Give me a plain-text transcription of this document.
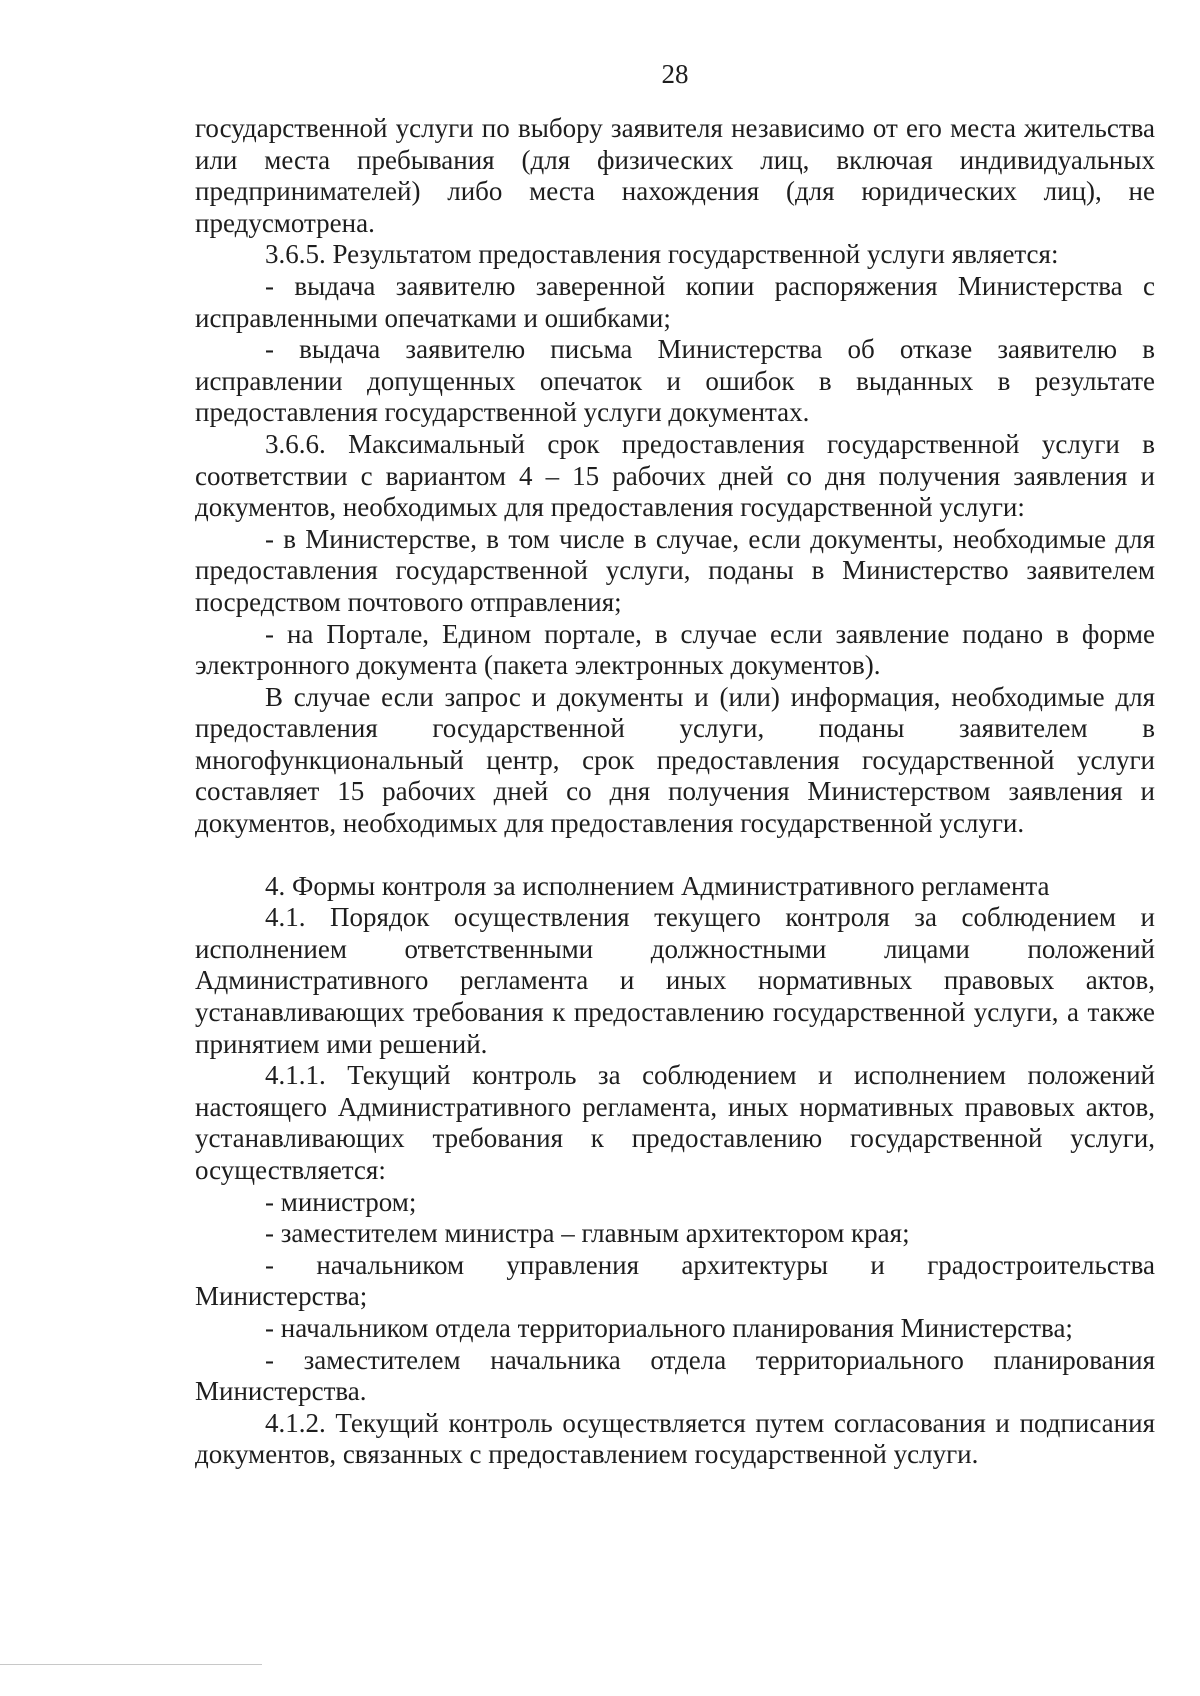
28

государственной услуги по выбору заявителя независимо от его места жительства или места пребывания (для физических лиц, включая индивидуальных предпринимателей) либо места нахождения (для юридических лиц), не предусмотрена.

3.6.5. Результатом предоставления государственной услуги является:

- выдача заявителю заверенной копии распоряжения Министерства с исправленными опечатками и ошибками;

- выдача заявителю письма Министерства об отказе заявителю в исправлении допущенных опечаток и ошибок в выданных в результате предоставления государственной услуги документах.

3.6.6. Максимальный срок предоставления государственной услуги в соответствии с вариантом 4 – 15 рабочих дней со дня получения заявления и документов, необходимых для предоставления государственной услуги:

- в Министерстве, в том числе в случае, если документы, необходимые для предоставления государственной услуги, поданы в Министерство заявителем посредством почтового отправления;

- на Портале, Едином портале, в случае если заявление подано в форме электронного документа (пакета электронных документов).

В случае если запрос и документы и (или) информация, необходимые для предоставления государственной услуги, поданы заявителем в многофункциональный центр, срок предоставления государственной услуги составляет 15 рабочих дней со дня получения Министерством заявления и документов, необходимых для предоставления государственной услуги.

4. Формы контроля за исполнением Административного регламента

4.1. Порядок осуществления текущего контроля за соблюдением и исполнением ответственными должностными лицами положений Административного регламента и иных нормативных правовых актов, устанавливающих требования к предоставлению государственной услуги, а также принятием ими решений.

4.1.1. Текущий контроль за соблюдением и исполнением положений настоящего Административного регламента, иных нормативных правовых актов, устанавливающих требования к предоставлению государственной услуги, осуществляется:

- министром;

- заместителем министра – главным архитектором края;

- начальником управления архитектуры и градостроительства Министерства;

- начальником отдела территориального планирования Министерства;

- заместителем начальника отдела территориального планирования Министерства.

4.1.2. Текущий контроль осуществляется путем согласования и подписания документов, связанных с предоставлением государственной услуги.
